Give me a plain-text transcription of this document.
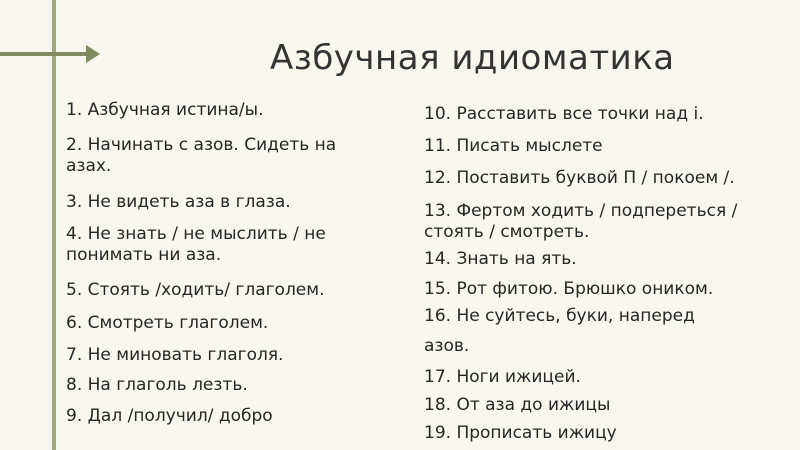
Азбучная идиоматика

1. Азбучная истина/ы.

2. Начинать с азов. Сидеть на азах.

3. Не видеть аза в глаза.

4. Не знать / не мыслить / не понимать ни аза.

5. Стоять /ходить/ глаголем.

6. Смотреть глаголем.

7. Не миновать глаголя.

8. На глаголь лезть.

9. Дал /получил/ добро

10. Расставить все точки над і.

11. Писать мыслете

12. Поставить буквой П / покоем /.

13. Фертом ходить / подпереться / стоять / смотреть.

14. Знать на ять.

15. Рот фитою. Брюшко оником.

16. Не суйтесь, буки, наперед

азов.

17. Ноги ижицей.

18. От аза до ижицы

19. Прописать ижицу
